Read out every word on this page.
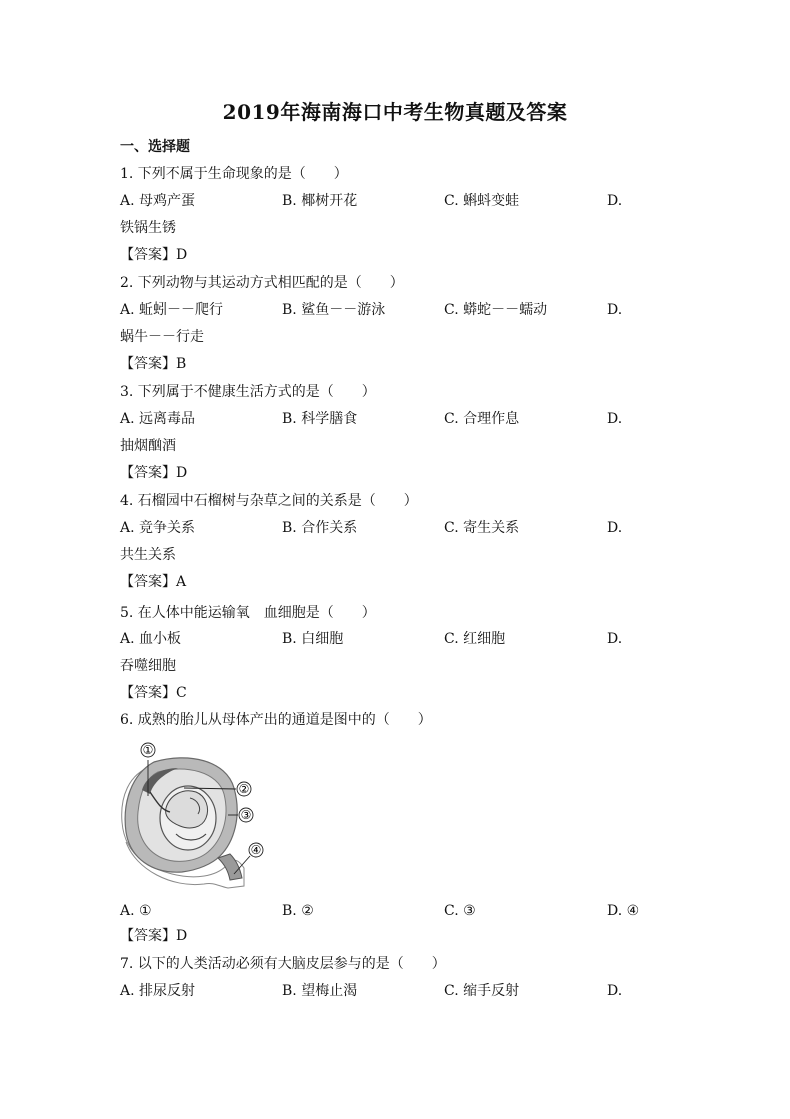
2019年海南海口中考生物真题及答案
一、选择题
1. 下列不属于生命现象的是（　　）
A. 母鸡产蛋	B. 椰树开花	C. 蝌蚪变蛙	D.
铁锅生锈
【答案】D
2. 下列动物与其运动方式相匹配的是（　　）
A. 蚯蚓－－爬行	B. 鲨鱼－－游泳	C. 蟒蛇－－蠕动	D.
蜗牛－－行走
【答案】B
3. 下列属于不健康生活方式的是（　　）
A. 远离毒品	B. 科学膳食	C. 合理作息	D.
抽烟酗酒
【答案】D
4. 石榴园中石榴树与杂草之间的关系是（　　）
A. 竞争关系	B. 合作关系	C. 寄生关系	D.
共生关系
【答案】A
5. 在人体中能运输氧　血细胞是（　　）
A. 血小板	B. 白细胞	C. 红细胞	D.
吞噬细胞
【答案】C
6. 成熟的胎儿从母体产出的通道是图中的（　　）
①
②
③
④
A. ①	B. ②	C. ③	D. ④
【答案】D
7. 以下的人类活动必须有大脑皮层参与的是（　　）
A. 排尿反射	B. 望梅止渴	C. 缩手反射	D.
